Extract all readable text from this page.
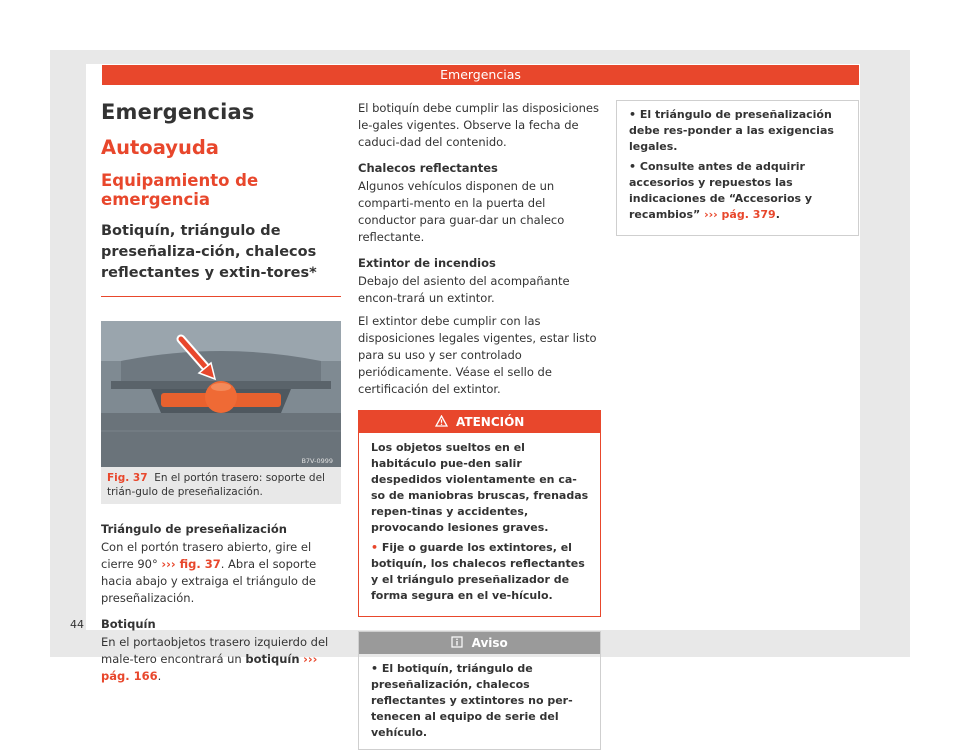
Emergencias
Emergencias
Autoayuda
Equipamiento de emergencia
Botiquín, triángulo de preseñaliza-ción, chalecos reflectantes y extin-tores*
B7V-0999
Fig. 37 En el portón trasero: soporte del trián-gulo de preseñalización.
Triángulo de preseñalización

Con el portón trasero abierto, gire el cierre 90° ››› fig. 37. Abra el soporte hacia abajo y extraiga el triángulo de preseñalización.

Botiquín

En el portaobjetos trasero izquierdo del male-tero encontrará un botiquín ››› pág. 166.

44

El botiquín debe cumplir las disposiciones le-gales vigentes. Observe la fecha de caduci-dad del contenido.

Chalecos reflectantes

Algunos vehículos disponen de un comparti-mento en la puerta del conductor para guar-dar un chaleco reflectante.

Extintor de incendios

Debajo del asiento del acompañante encon-trará un extintor.

El extintor debe cumplir con las disposiciones legales vigentes, estar listo para su uso y ser controlado periódicamente. Véase el sello de certificación del extintor.

ATENCIÓN

Los objetos sueltos en el habitáculo pue-den salir despedidos violentamente en ca-so de maniobras bruscas, frenadas repen-tinas y accidentes, provocando lesiones graves.

• Fije o guarde los extintores, el botiquín, los chalecos reflectantes y el triángulo preseñalizador de forma segura en el ve-hículo.

Aviso

• El botiquín, triángulo de preseñalización, chalecos reflectantes y extintores no per-tenecen al equipo de serie del vehículo.

• El triángulo de preseñalización debe res-ponder a las exigencias legales.

• Consulte antes de adquirir accesorios y repuestos las indicaciones de “Accesorios y recambios” ››› pág. 379.
